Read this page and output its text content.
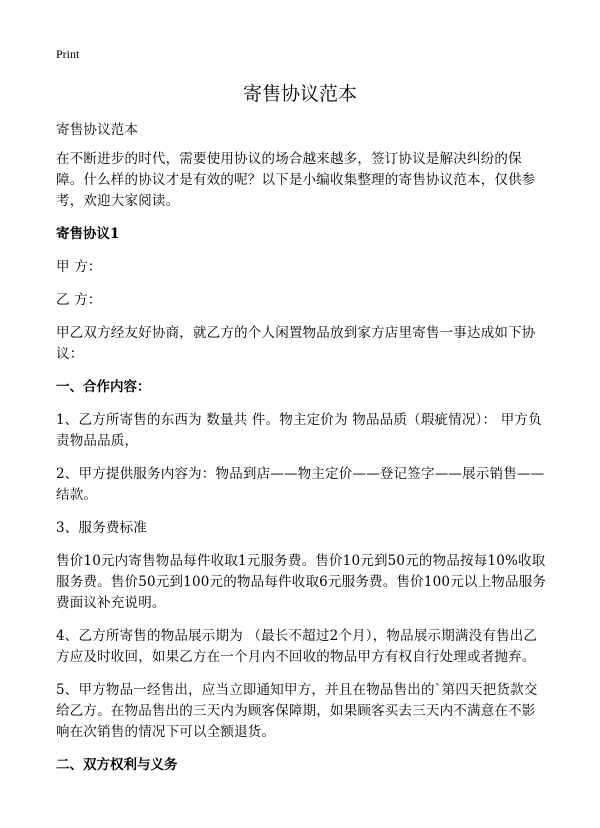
Print
寄售协议范本

寄售协议范本

在不断进步的时代，需要使用协议的场合越来越多，签订协议是解决纠纷的保障。什么样的协议才是有效的呢？以下是小编收集整理的寄售协议范本，仅供参考，欢迎大家阅读。

寄售协议1

甲 方：

乙 方：

甲乙双方经友好协商，就乙方的个人闲置物品放到家方店里寄售一事达成如下协议：

一、合作内容：

1、乙方所寄售的东西为 数量共 件。物主定价为 物品品质（瑕疵情况）： 甲方负责物品品质，

2、甲方提供服务内容为：物品到店——物主定价——登记签字——展示销售——结款。

3、服务费标准

售价10元内寄售物品每件收取1元服务费。售价10元到50元的物品按每10%收取服务费。售价50元到100元的物品每件收取6元服务费。售价100元以上物品服务费面议补充说明。

4、乙方所寄售的物品展示期为 （最长不超过2个月），物品展示期满没有售出乙方应及时收回，如果乙方在一个月内不回收的物品甲方有权自行处理或者抛弃。

5、甲方物品一经售出，应当立即通知甲方，并且在物品售出的`第四天把货款交给乙方。在物品售出的三天内为顾客保障期，如果顾客买去三天内不满意在不影响在次销售的情况下可以全额退货。

二、双方权利与义务
